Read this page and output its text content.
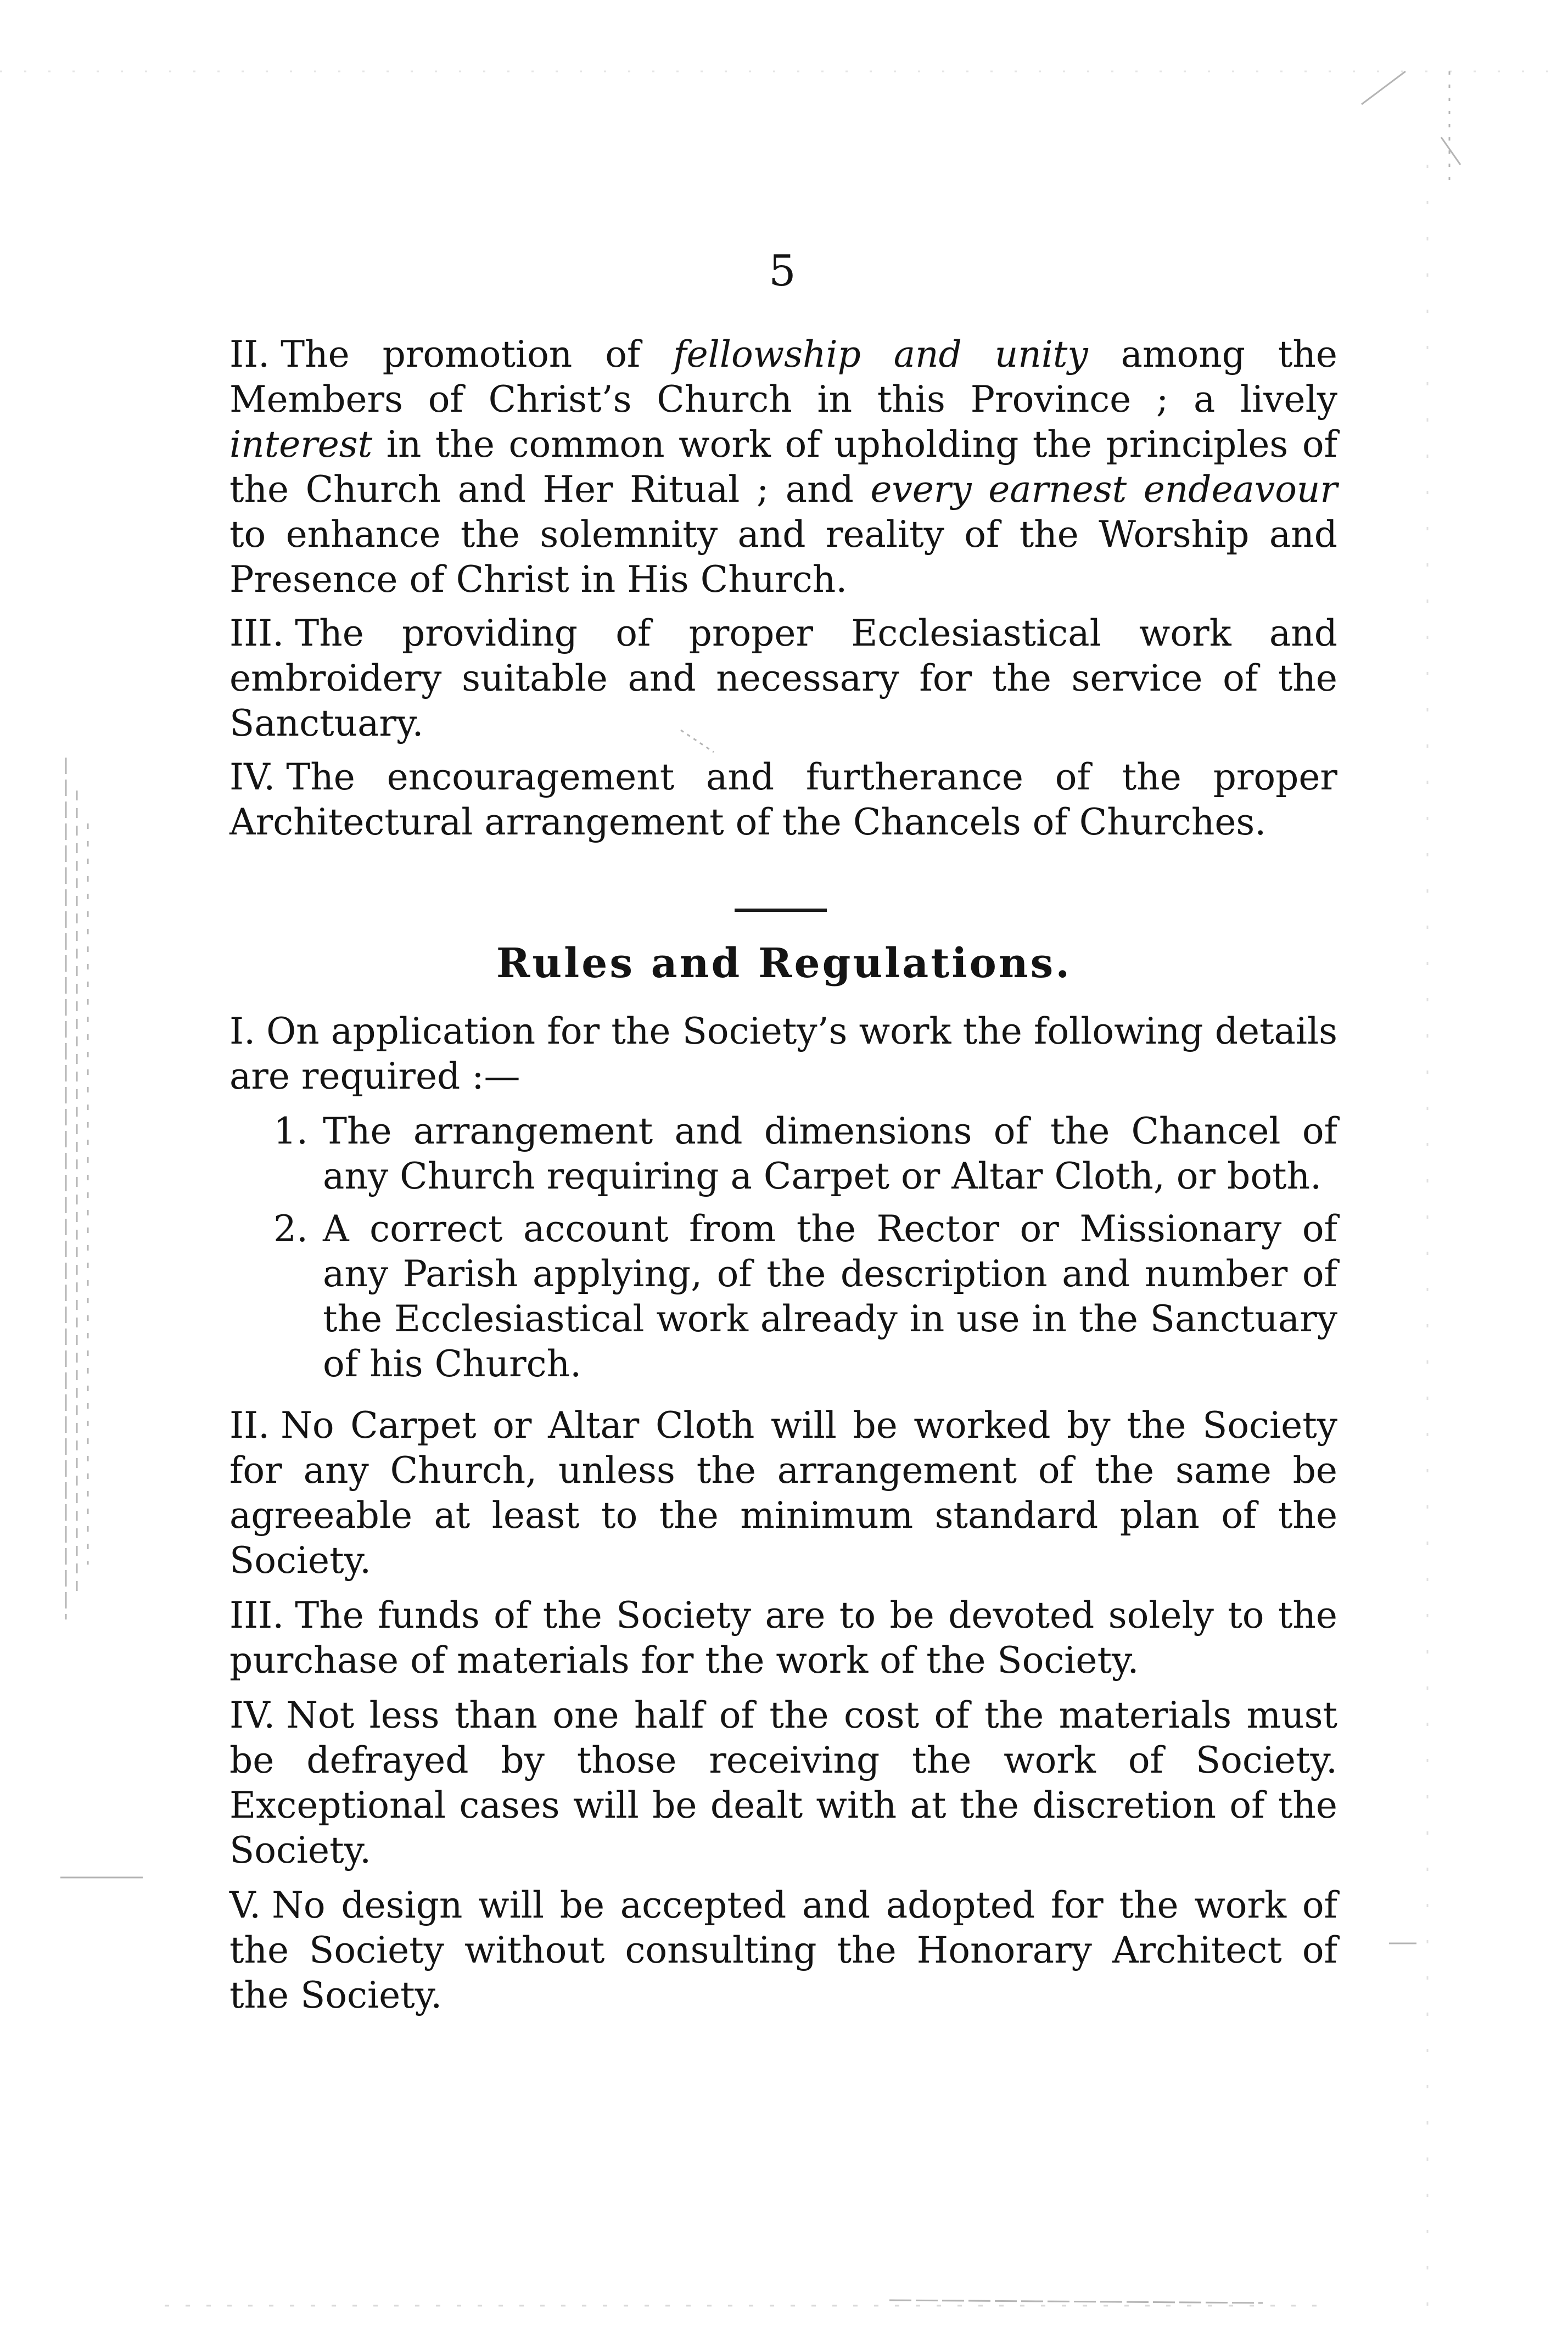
5

II. The promotion of fellowship and unity among the Members of Christ’s Church in this Province ; a lively interest in the common work of upholding the principles of the Church and Her Ritual ; and every earnest endeavour to enhance the solemnity and reality of the Worship and Presence of Christ in His Church.

III. The providing of proper Ecclesiastical work and embroidery suitable and necessary for the service of the Sanctuary.

IV. The encouragement and furtherance of the proper Architectural arrangement of the Chancels of Churches.

Rules and Regulations.

I. On application for the Society’s work the following details are required :—

1. The arrangement and dimensions of the Chancel of any Church requiring a Carpet or Altar Cloth, or both.
2. A correct account from the Rector or Missionary of any Parish applying, of the description and number of the Ecclesiastical work already in use in the Sanctuary of his Church.

II. No Carpet or Altar Cloth will be worked by the Society for any Church, unless the arrangement of the same be agreeable at least to the minimum standard plan of the Society.

III. The funds of the Society are to be devoted solely to the purchase of materials for the work of the Society.

IV. Not less than one half of the cost of the materials must be defrayed by those receiving the work of Society. Exceptional cases will be dealt with at the discretion of the Society.

V. No design will be accepted and adopted for the work of the Society without consulting the Honorary Architect of the Society.
